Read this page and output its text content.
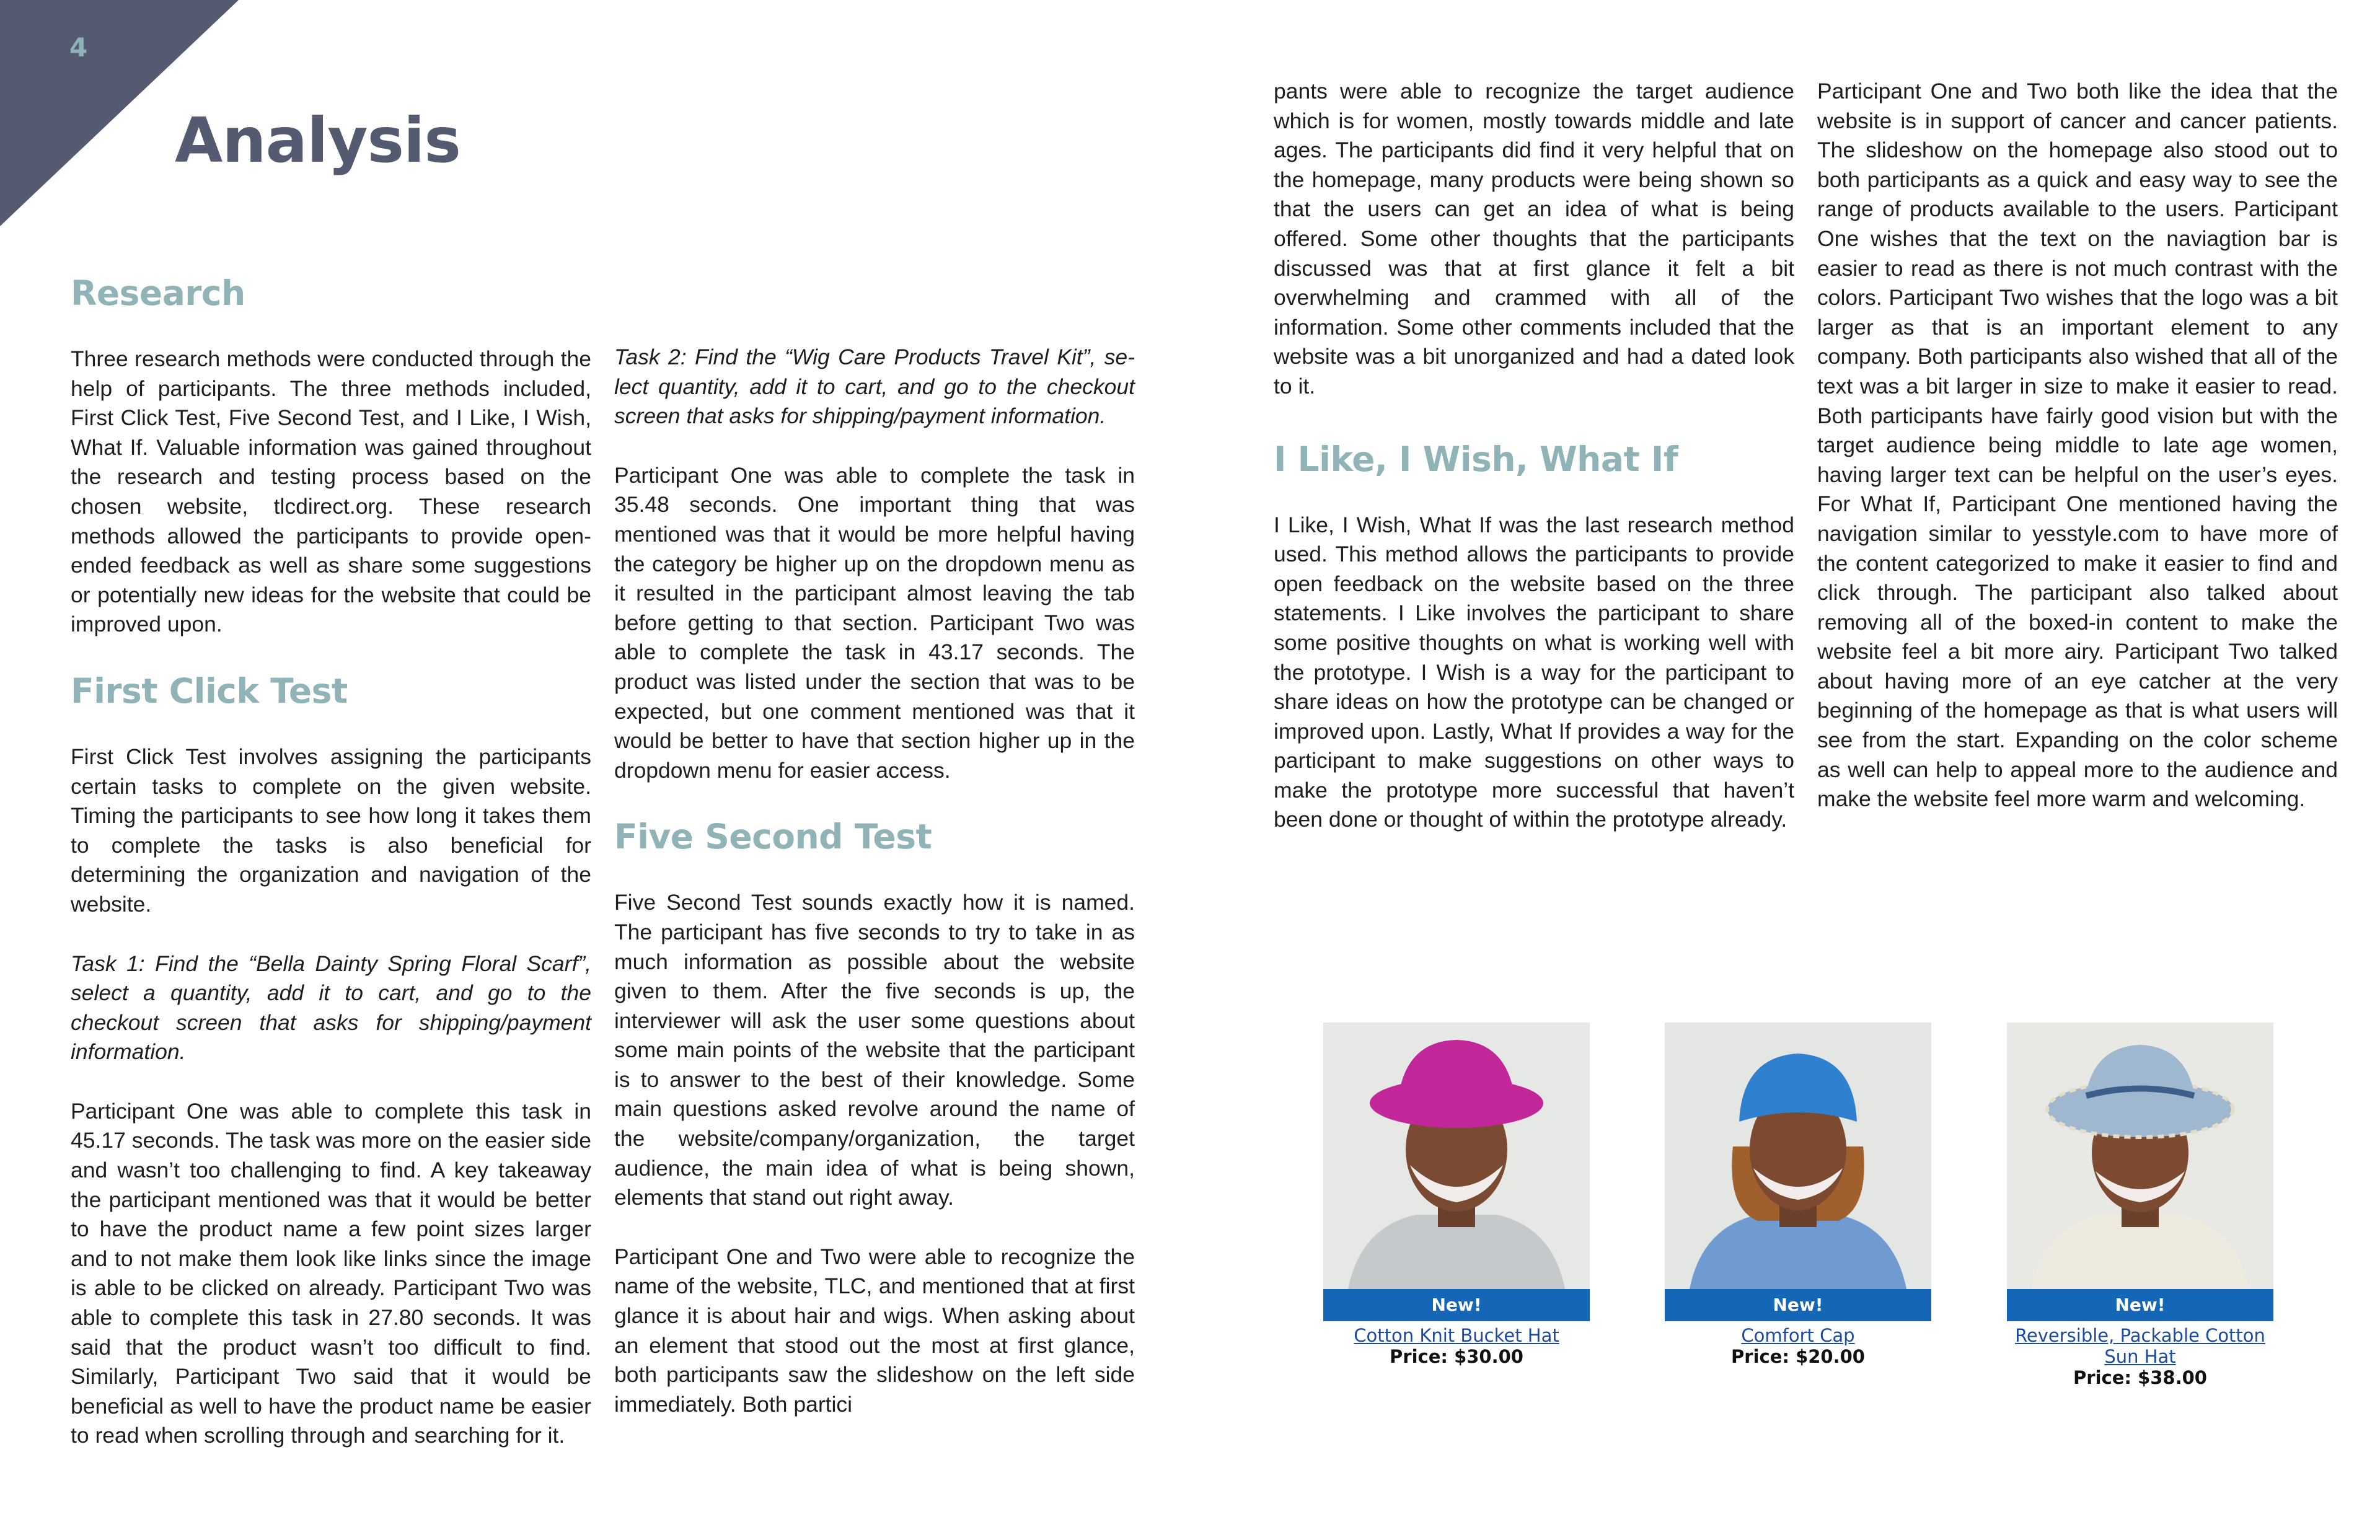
4
Analysis
Research

Three research methods were conducted through the help of participants. The three methods included, First Click Test, Five Second Test, and I Like, I Wish, What If. Valuable information was gained throughout the research and testing process based on the chosen website, tlcdirect.org. These research methods allowed the participants to provide open-ended feedback as well as share some suggestions or potentially new ideas for the website that could be improved upon.

First Click Test

First Click Test involves assigning the participants certain tasks to complete on the given website. Timing the participants to see how long it takes them to complete the tasks is also beneficial for determining the organization and navigation of the website.

Task 1: Find the “Bella Dainty Spring Floral Scarf”, select a quantity, add it to cart, and go to the checkout screen that asks for shipping/payment information.

Participant One was able to complete this task in 45.17 seconds. The task was more on the easier side and wasn’t too challenging to find. A key takeaway the participant mentioned was that it would be better to have the product name a few point sizes larger and to not make them look like links since the image is able to be clicked on already. Participant Two was able to complete this task in 27.80 seconds. It was said that the product wasn’t too difficult to find. Similarly, Participant Two said that it would be beneficial as well to have the product name be easier to read when scrolling through and searching for it.

Task 2: Find the “Wig Care Products Travel Kit”, select quantity, add it to cart, and go to the checkout screen that asks for shipping/payment information.

Participant One was able to complete the task in 35.48 seconds. One important thing that was mentioned was that it would be more helpful having the category be higher up on the dropdown menu as it resulted in the participant almost leaving the tab before getting to that section. Participant Two was able to complete the task in 43.17 seconds. The product was listed under the section that was to be expected, but one comment mentioned was that it would be better to have that section higher up in the dropdown menu for easier access.

Five Second Test

Five Second Test sounds exactly how it is named. The participant has five seconds to try to take in as much information as possible about the website given to them. After the five seconds is up, the interviewer will ask the user some questions about some main points of the website that the participant is to answer to the best of their knowledge. Some main questions asked revolve around the name of the website/company/organization, the target audience, the main idea of what is being shown, elements that stand out right away.

Participant One and Two were able to recognize the name of the website, TLC, and mentioned that at first glance it is about hair and wigs. When asking about an element that stood out the most at first glance, both participants saw the slideshow on the left side immediately. Both partici

pants were able to recognize the target audience which is for women, mostly towards middle and late ages. The participants did find it very helpful that on the homepage, many products were being shown so that the users can get an idea of what is being offered. Some other thoughts that the participants discussed was that at first glance it felt a bit overwhelming and crammed with all of the information. Some other comments included that the website was a bit unorganized and had a dated look to it.

I Like, I Wish, What If

I Like, I Wish, What If was the last research method used. This method allows the participants to provide open feedback on the website based on the three statements. I Like involves the participant to share some positive thoughts on what is working well with the prototype. I Wish is a way for the participant to share ideas on how the prototype can be changed or improved upon. Lastly, What If provides a way for the participant to make suggestions on other ways to make the prototype more successful that haven’t been done or thought of within the prototype already.

Participant One and Two both like the idea that the website is in support of cancer and cancer patients. The slideshow on the homepage also stood out to both participants as a quick and easy way to see the range of products available to the users. Participant One wishes that the text on the naviagtion bar is easier to read as there is not much contrast with the colors. Participant Two wishes that the logo was a bit larger as that is an important element to any company. Both participants also wished that all of the text was a bit larger in size to make it easier to read. Both participants have fairly good vision but with the target audience being middle to late age women, having larger text can be helpful on the user’s eyes. For What If, Participant One mentioned having the navigation similar to yesstyle.com to have more of the content categorized to make it easier to find and click through. The participant also talked about removing all of the boxed-in content to make the website feel a bit more airy. Participant Two talked about having more of an eye catcher at the very beginning of the homepage as that is what users will see from the start. Expanding on the color scheme as well can help to appeal more to the audience and make the website feel more warm and welcoming.

New!
Cotton Knit Bucket Hat
Price: $30.00
New!
Comfort Cap
Price: $20.00
New!
Reversible, Packable Cotton Sun Hat
Price: $38.00
